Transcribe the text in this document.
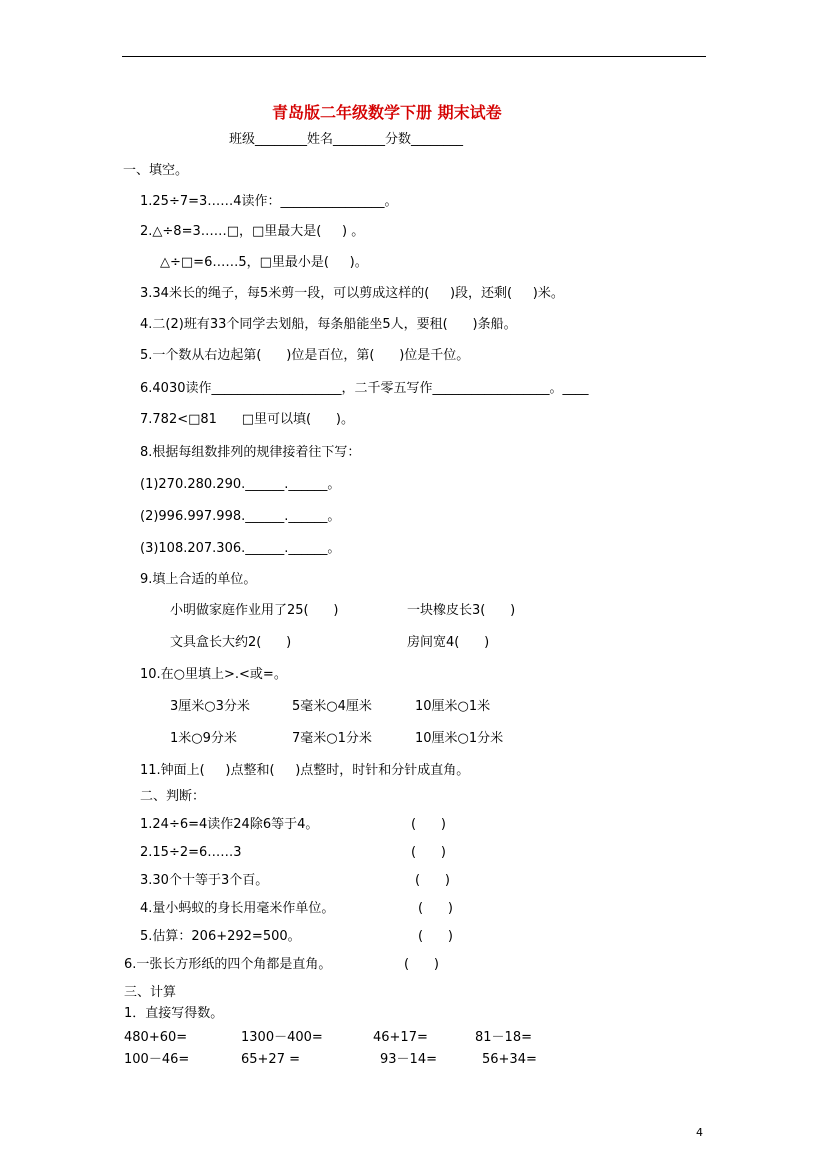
青岛版二年级数学下册 期末试卷
班级________姓名________分数________
一、填空。
1.25÷7=3……4读作：________________。
2.△÷8=3……□，□里最大是(     ) 。
△÷□=6……5，□里最小是(     )。
3.34米长的绳子，每5米剪一段，可以剪成这样的(     )段，还剩(     )米。
4.二(2)班有33个同学去划船，每条船能坐5人，要租(      )条船。
5.一个数从右边起第(      )位是百位，第(      )位是千位。
6.4030读作____________________，二千零五写作__________________。____
7.782<□81      □里可以填(      )。
8.根据每组数排列的规律接着往下写：
(1)270.280.290.______.______。
(2)996.997.998.______.______。
(3)108.207.306.______.______。
9.填上合适的单位。
小明做家庭作业用了25(      )	一块橡皮长3(      )
文具盒长大约2(      )	房间宽4(      )
10.在○里填上>.<或=。
3厘米○3分米	5毫米○4厘米	10厘米○1米
1米○9分米	7毫米○1分米	10厘米○1分米
11.钟面上(     )点整和(     )点整时，时针和分针成直角。
二、判断：
1.24÷6=4读作24除6等于4。	(      )
2.15÷2=6……3	(      )
3.30个十等于3个百。	(      )
4.量小蚂蚁的身长用毫米作单位。	(      )
5.估算：206+292=500。	(      )
6.一张长方形纸的四个角都是直角。	(      )
三、计算
1．直接写得数。
480+60=	1300－400=	46+17=	81－18=
100－46=	65+27 =	93－14=	56+34=
4
